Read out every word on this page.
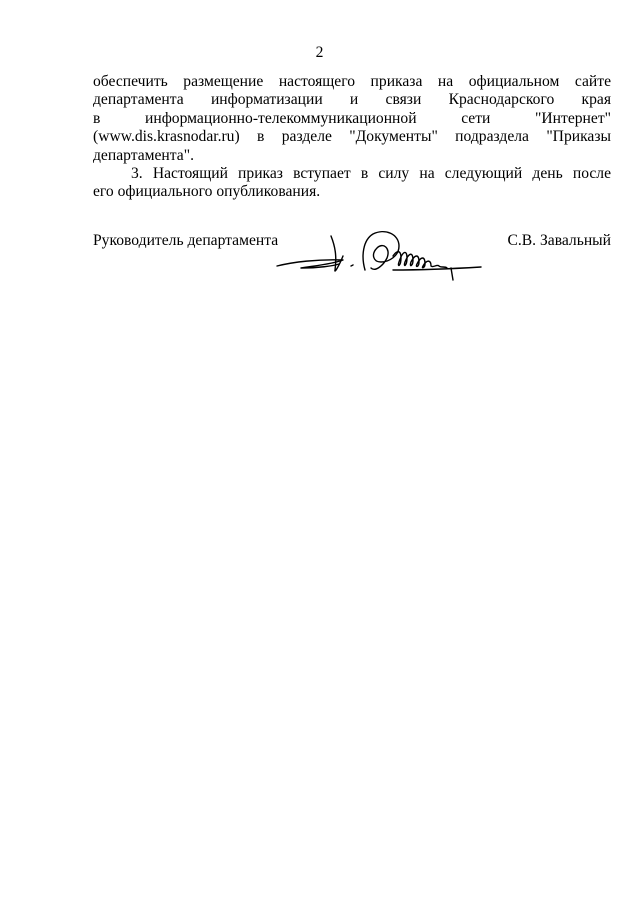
2
обеспечить размещение настоящего приказа на официальном сайте
департамента информатизации и связи Краснодарского края
в информационно-телекоммуникационной сети "Интернет"
(www.dis.krasnodar.ru) в разделе "Документы" подраздела "Приказы
департамента".
3. Настоящий приказ вступает в силу на следующий день после
его официального опубликования.
Руководитель департамента	С.В. Завальный
